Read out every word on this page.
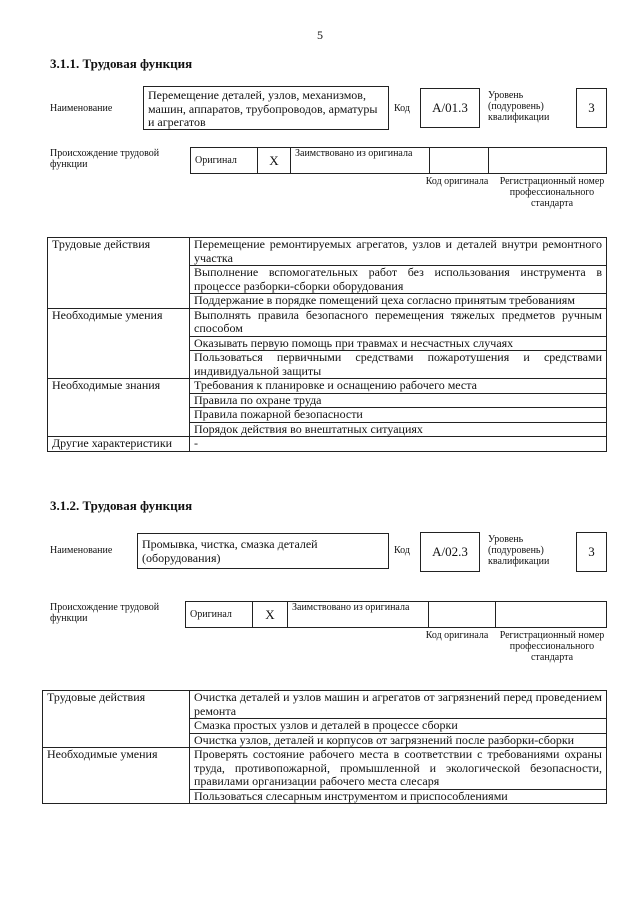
5
3.1.1. Трудовая функция
Наименование
Перемещение деталей, узлов, механизмов, машин, аппаратов, трубопроводов, арматуры и агрегатов
Код	A/01.3
Уровень (подуровень) квалификации
3
Происхождение трудовой функции	Оригинал	X	Заимствовано из оригинала		
Код оригинала	Регистрационный номер профессионального стандарта
Трудовые действия	Перемещение ремонтируемых агрегатов, узлов и деталей внутри ремонтного участка
	Выполнение вспомогательных работ без использования инструмента в процессе разборки-сборки оборудования
	Поддержание в порядке помещений цеха согласно принятым требованиям
Необходимые умения	Выполнять правила безопасного перемещения тяжелых предметов ручным способом
	Оказывать первую помощь при травмах и несчастных случаях
	Пользоваться первичными средствами пожаротушения и средствами индивидуальной защиты
Необходимые знания	Требования к планировке и оснащению рабочего места
	Правила по охране труда
	Правила пожарной безопасности
	Порядок действия во внештатных ситуациях
Другие характеристики	-
3.1.2. Трудовая функция
Наименование	Промывка, чистка, смазка деталей (оборудования)	Код	A/02.3
Уровень (подуровень) квалификации
3
Происхождение трудовой функции	Оригинал	X	Заимствовано из оригинала		
Код оригинала	Регистрационный номер профессионального стандарта
Трудовые действия	Очистка деталей и узлов машин и агрегатов от загрязнений перед проведением ремонта
	Смазка простых узлов и деталей в процессе сборки
	Очистка узлов, деталей и корпусов от загрязнений после разборки-сборки
Необходимые умения	Проверять состояние рабочего места в соответствии с требованиями охраны труда, противопожарной, промышленной и экологической безопасности, правилами организации рабочего места слесаря
	Пользоваться слесарным инструментом и приспособлениями
